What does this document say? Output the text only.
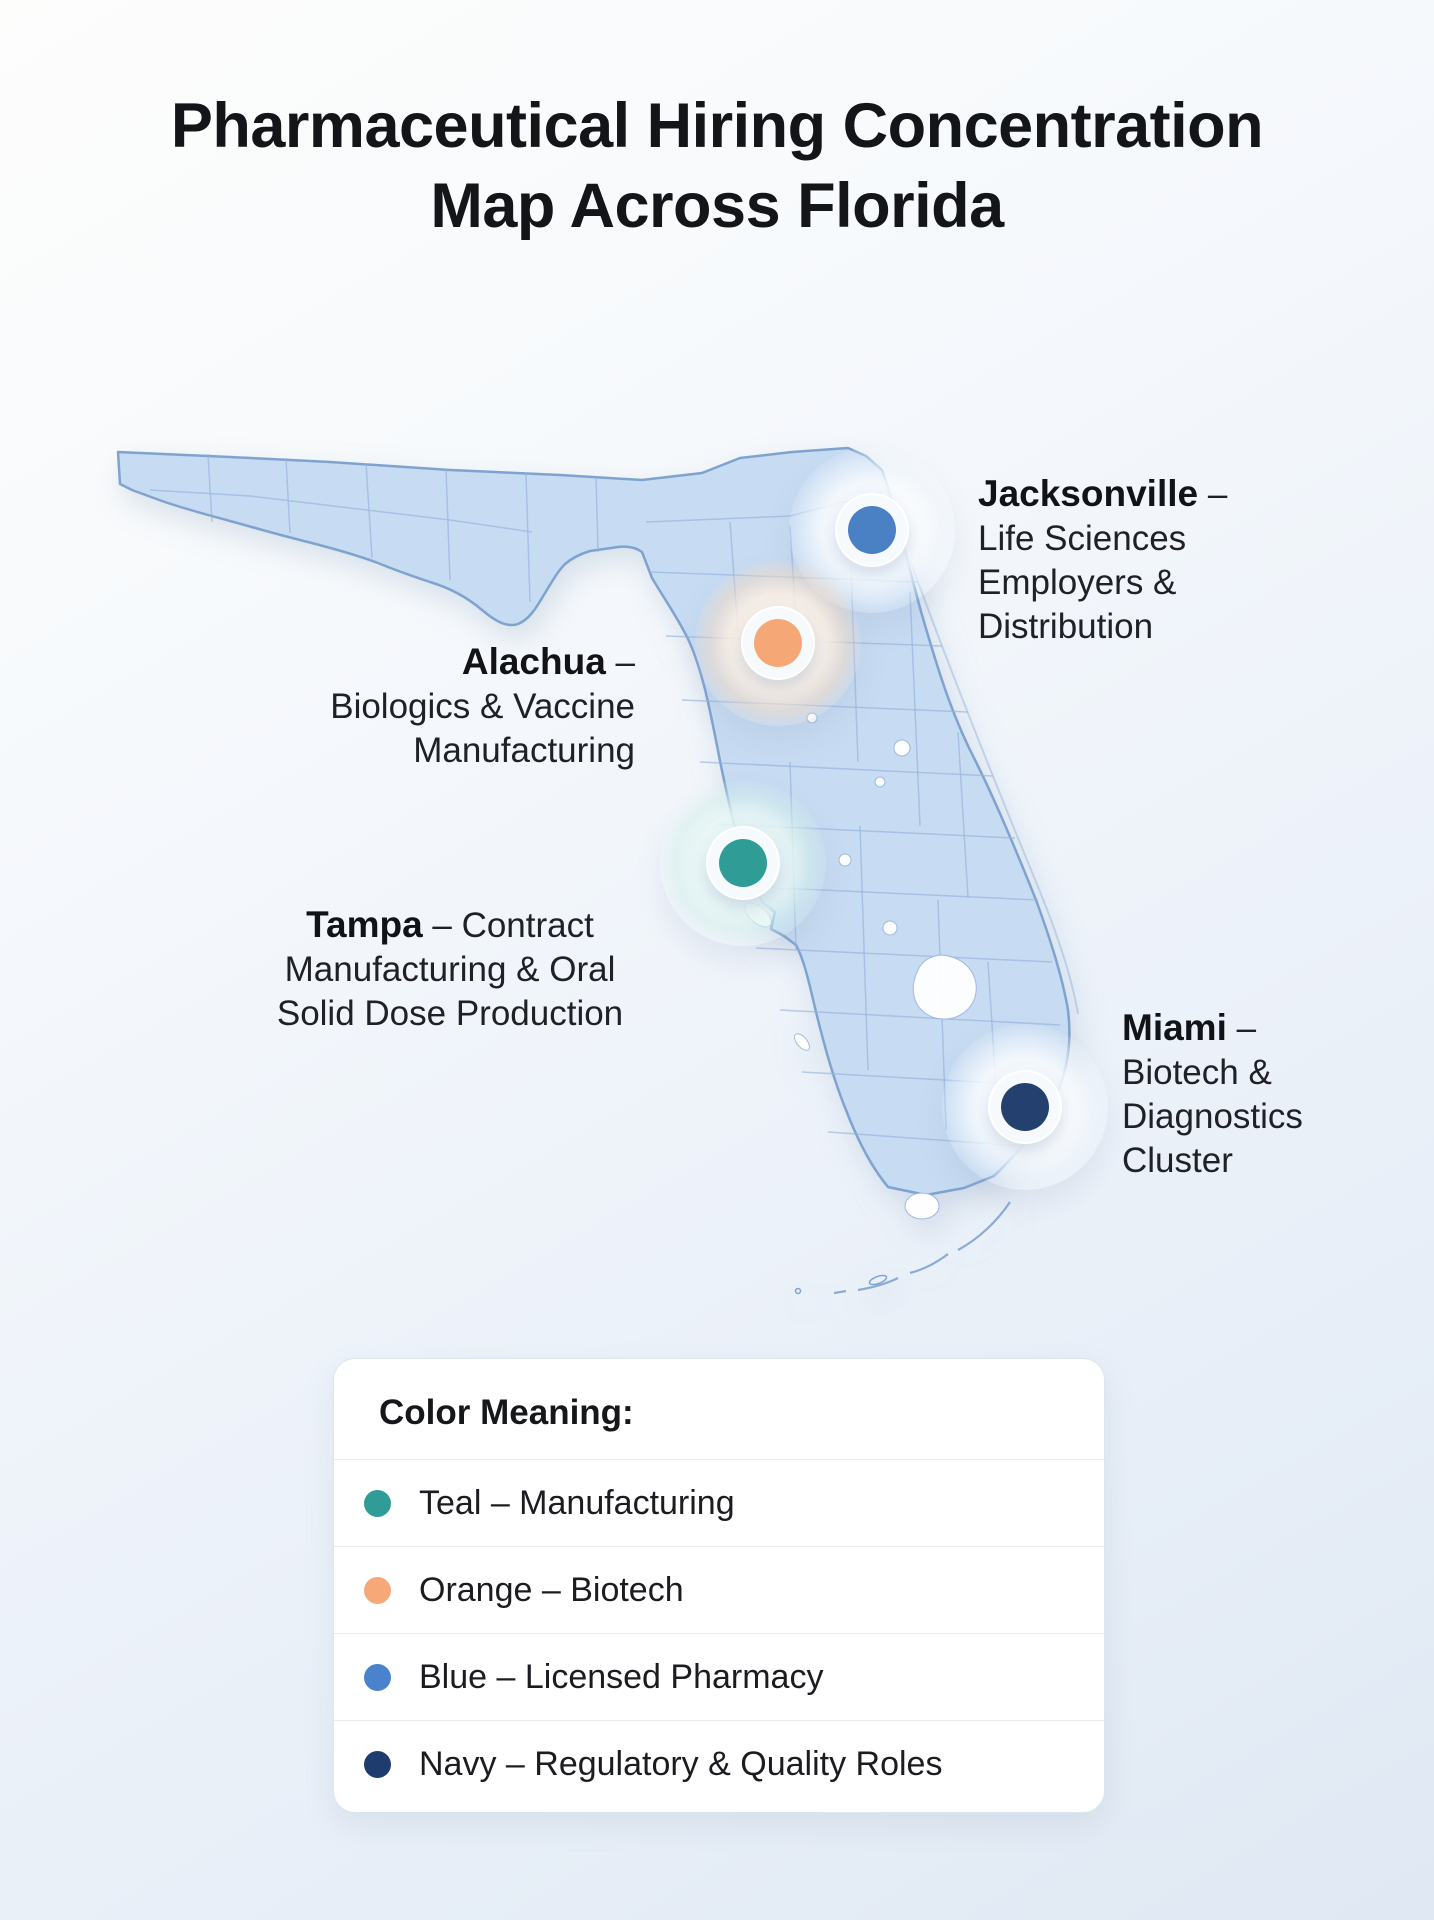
Pharmaceutical Hiring Concentration
Map Across Florida
Jacksonville –
Life Sciences
Employers &
Distribution
Alachua –
Biologics & Vaccine
Manufacturing
Tampa – Contract
Manufacturing & Oral
Solid Dose Production	Miami –
Biotech &
Diagnostics
Cluster
Color Meaning:
Teal – Manufacturing
Orange – Biotech
Blue – Licensed Pharmacy
Navy – Regulatory & Quality Roles
